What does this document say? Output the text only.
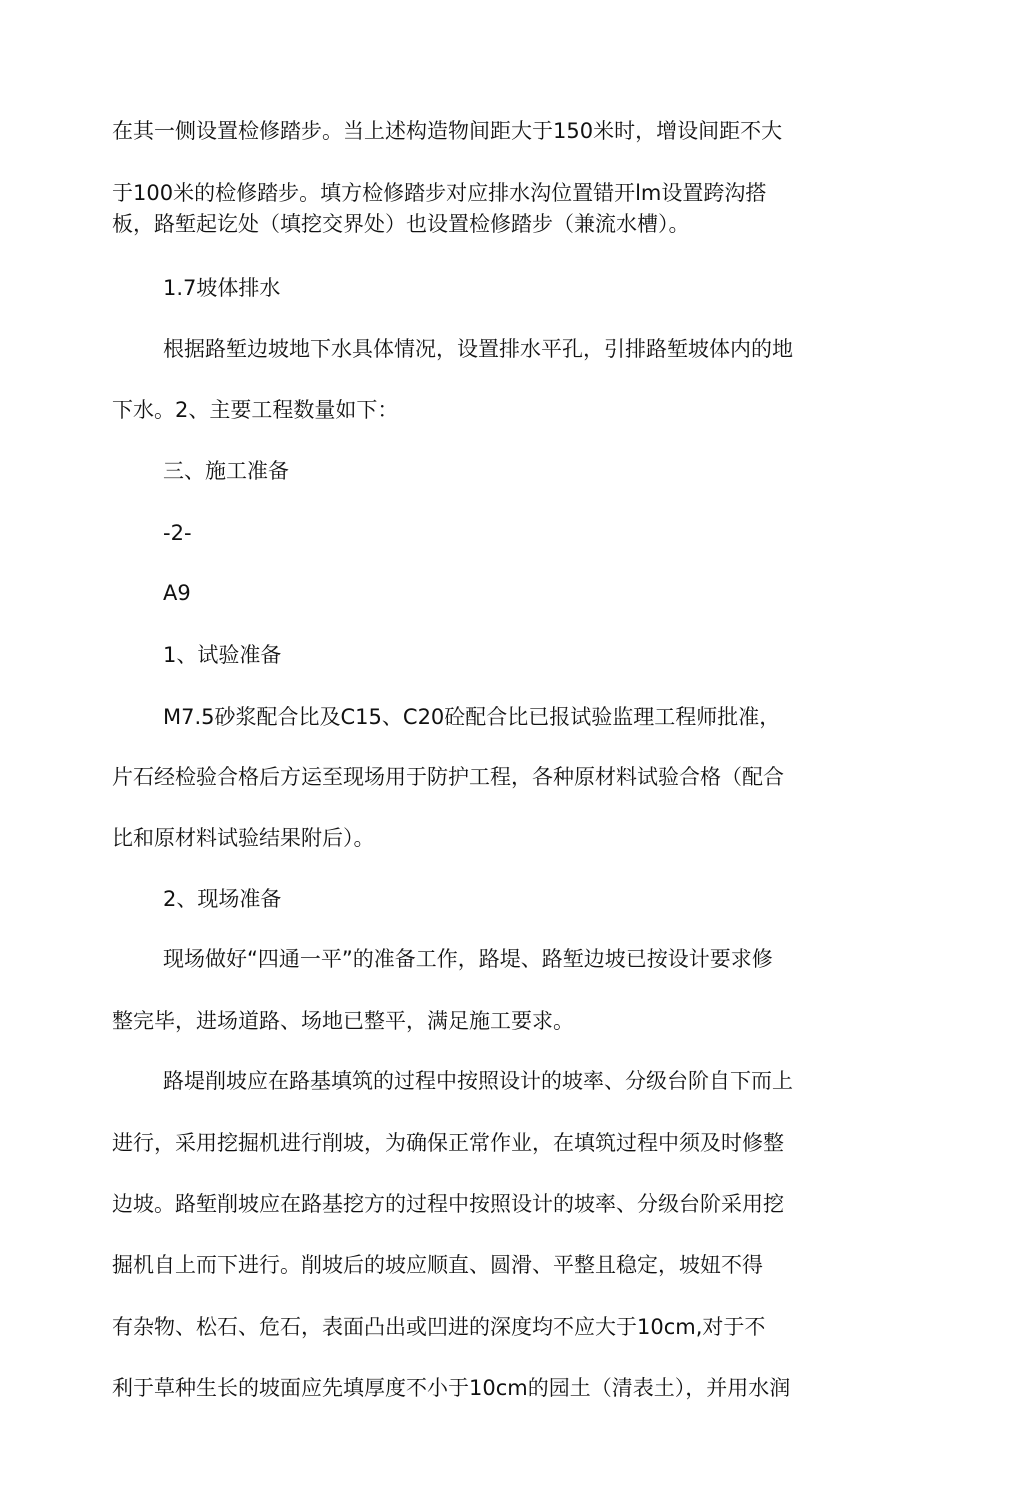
在其一侧设置检修踏步。当上述构造物间距大于150米时，增设间距不大
于100米的检修踏步。填方检修踏步对应排水沟位置错开lm设置跨沟搭
板，路堑起讫处（填挖交界处）也设置检修踏步（兼流水槽）。
1.7坡体排水
根据路堑边坡地下水具体情况，设置排水平孔，引排路堑坡体内的地
下水。2、主要工程数量如下：
三、施工准备
-2-
A9
1、试验准备
M7.5砂浆配合比及C15、C20砼配合比已报试验监理工程师批准，
片石经检验合格后方运至现场用于防护工程，各种原材料试验合格（配合
比和原材料试验结果附后）。
2、现场准备
现场做好“四通一平”的准备工作，路堤、路堑边坡已按设计要求修
整完毕，进场道路、场地已整平，满足施工要求。
路堤削坡应在路基填筑的过程中按照设计的坡率、分级台阶自下而上
进行，采用挖掘机进行削坡，为确保正常作业，在填筑过程中须及时修整
边坡。路堑削坡应在路基挖方的过程中按照设计的坡率、分级台阶采用挖
掘机自上而下进行。削坡后的坡应顺直、圆滑、平整且稳定，坡妞不得
有杂物、松石、危石，表面凸出或凹进的深度均不应大于10cm,对于不
利于草种生长的坡面应先填厚度不小于10cm的园土（清表土），并用水润
